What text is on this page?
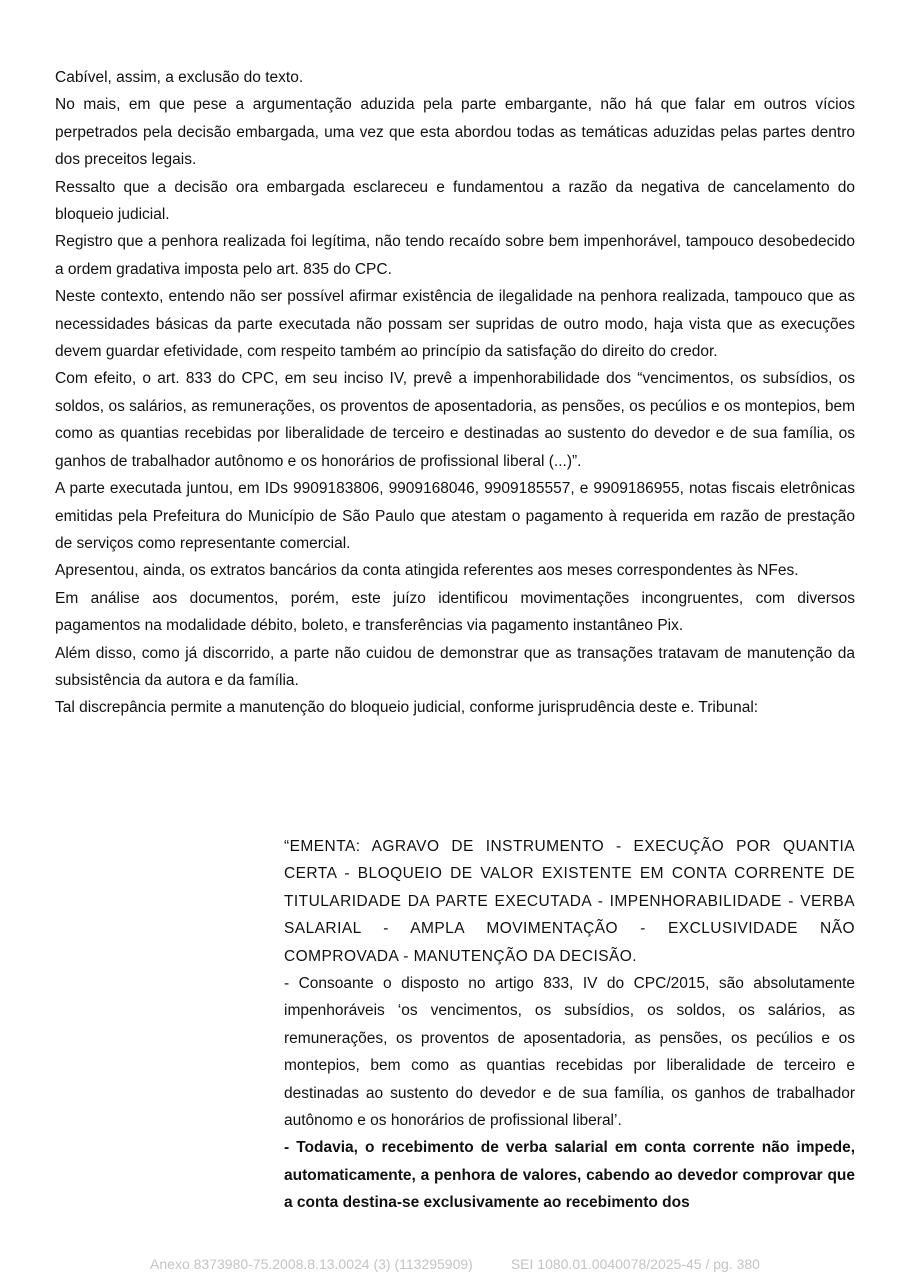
Cabível, assim, a exclusão do texto.

No mais, em que pese a argumentação aduzida pela parte embargante, não há que falar em outros vícios perpetrados pela decisão embargada, uma vez que esta abordou todas as temáticas aduzidas pelas partes dentro dos preceitos legais.

Ressalto que a decisão ora embargada esclareceu e fundamentou a razão da negativa de cancelamento do bloqueio judicial.

Registro que a penhora realizada foi legítima, não tendo recaído sobre bem impenhorável, tampouco desobedecido a ordem gradativa imposta pelo art. 835 do CPC.

Neste contexto, entendo não ser possível afirmar existência de ilegalidade na penhora realizada, tampouco que as necessidades básicas da parte executada não possam ser supridas de outro modo, haja vista que as execuções devem guardar efetividade, com respeito também ao princípio da satisfação do direito do credor.

Com efeito, o art. 833 do CPC, em seu inciso IV, prevê a impenhorabilidade dos “vencimentos, os subsídios, os soldos, os salários, as remunerações, os proventos de aposentadoria, as pensões, os pecúlios e os montepios, bem como as quantias recebidas por liberalidade de terceiro e destinadas ao sustento do devedor e de sua família, os ganhos de trabalhador autônomo e os honorários de profissional liberal (...)”.

A parte executada juntou, em IDs 9909183806, 9909168046, 9909185557, e 9909186955, notas fiscais eletrônicas emitidas pela Prefeitura do Município de São Paulo que atestam o pagamento à requerida em razão de prestação de serviços como representante comercial.

Apresentou, ainda, os extratos bancários da conta atingida referentes aos meses correspondentes às NFes.

Em análise aos documentos, porém, este juízo identificou movimentações incongruentes, com diversos pagamentos na modalidade débito, boleto, e transferências via pagamento instantâneo Pix.

Além disso, como já discorrido, a parte não cuidou de demonstrar que as transações tratavam de manutenção da subsistência da autora e da família.

Tal discrepância permite a manutenção do bloqueio judicial, conforme jurisprudência deste e. Tribunal:

“EMENTA: AGRAVO DE INSTRUMENTO - EXECUÇÃO POR QUANTIA CERTA - BLOQUEIO DE VALOR EXISTENTE EM CONTA CORRENTE DE TITULARIDADE DA PARTE EXECUTADA - IMPENHORABILIDADE - VERBA SALARIAL - AMPLA MOVIMENTAÇÃO - EXCLUSIVIDADE NÃO COMPROVADA - MANUTENÇÃO DA DECISÃO.

- Consoante o disposto no artigo 833, IV do CPC/2015, são absolutamente impenhoráveis ‘os vencimentos, os subsídios, os soldos, os salários, as remunerações, os proventos de aposentadoria, as pensões, os pecúlios e os montepios, bem como as quantias recebidas por liberalidade de terceiro e destinadas ao sustento do devedor e de sua família, os ganhos de trabalhador autônomo e os honorários de profissional liberal’.

- Todavia, o recebimento de verba salarial em conta corrente não impede, automaticamente, a penhora de valores, cabendo ao devedor comprovar que a conta destina-se exclusivamente ao recebimento dos

Anexo 8373980-75.2008.8.13.0024 (3) (113295909)	SEI 1080.01.0040078/2025-45 / pg. 380
